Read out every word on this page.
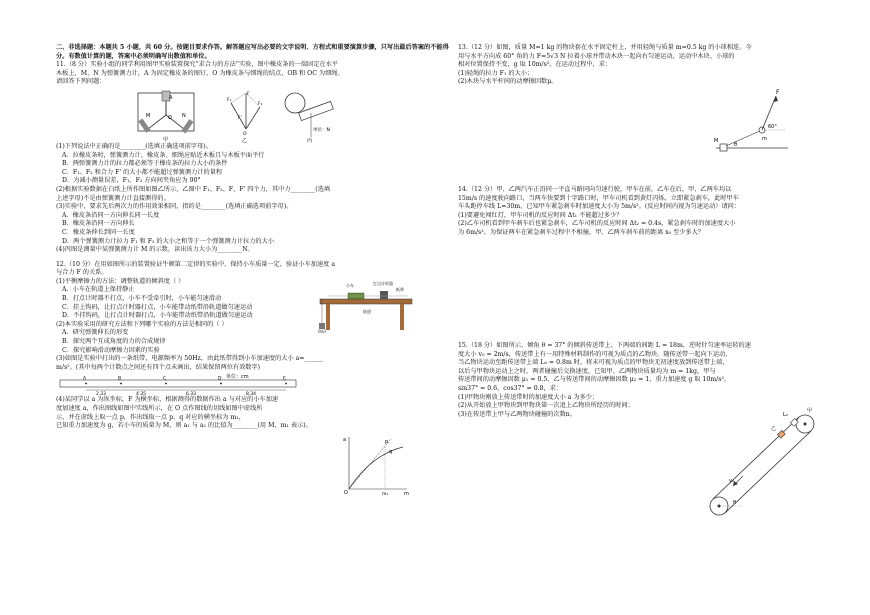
二、非选择题：本题共 5 小题，共 60 分。按题目要求作答。解答题应写出必要的文字说明、方程式和重要演算步骤，只写出最后答案的不能得分。有数值计算的题，答案中必须明确写出数值和单位。

11.（8 分）实验小组的同学利用图甲实验装置探究“求合力的方法”实验，图中橡皮条的一端固定在水平

木板上，M、N 为弹簧测力计，A 为固定橡皮条的图钉，O 为橡皮条与细绳的结点，OB 和 OC 为细绳。

请回答下列问题：

A
O
M	N
甲
F₁
F₂
F
F'
O
乙
单位：N
丙

(1)下列说法中正确的是________(选填正确选项前字母)。

A．拉橡皮条时，弹簧测力计、橡皮条、细绳应贴近木板且与木板平面平行

B．两弹簧测力计的拉力都必须等于橡皮条的拉力大小的条件

C．F₁、F₂ 和合力 F' 的大小都不能超过弹簧测力计的量程

D．为减小测量误差，F₁、F₂ 方向间夹角应为 90°

(2)根据实验数据在白纸上所作图如图乙所示，乙图中 F₁、F₂、F、F' 四个力，其中力________(选填

上述字母)不是由弹簧测力计直接测得的。

(3)实验中，要求先后两次力的作用效果相同，指的是________(选填正确选项前字母)。

A．橡皮条沿同一方向伸长同一长度

B．橡皮条沿同一方向伸长

C．橡皮条伸长到同一长度

D．两个弹簧测力计拉力 F₁ 和 F₂ 的大小之和等于一个弹簧测力计拉力的大小

(4)丙图是测量中某弹簧测力计 M 的示数，读出该力大小为________N。

12.（10 分）在用如图所示的装置验证牛顿第二定律的实验中，保持小车质量一定，验证小车加速度 a

与合力 F 的关系。

(1)平衡摩擦力的方法：调整轨道的倾斜度（ ）

A．小车在轨道上保持静止

B．打点计时器不打点，小车不受牵引时，小车能匀速滑动

C．挂上钩码，让打点计时器打点，小车能带动纸带沿轨道做匀速运动

D．不挂钩码，让打点计时器打点，小车能带动纸带沿轨道做匀速运动

(2)本实验采用的研究方法和下列哪个实验的方法是相同的（ ）

A．研究弹簧伸长的形变

B．探究两个互成角度的力的合成规律

C．探究影响滑动摩擦力因素的实验

(3)如图是实验中打出的一条纸带，电源频率为 50Hz，由此纸带得到小车加速度的大小 a=______

m/s²。(其中每两个计数点之间还有四个点未画出，结果保留两位有效数字)

小车	打点计时器
纸带
轨道
钩码
单位：cm
A	B	C	D	E
2.33	4.35	6.33	8.34

(4)某同学以 a 为纵坐标，F 为横坐标，根据测得的数据作出 a 与对应的小车加速

度加速度 a，作出图线如图中实线所示，在 O 点作图线的切线如图中虚线所

示，并在虚线上取一点 p，作出线取一点 p、q 对应的横坐标为 m₁，

已知重力加速度为 g，若小车的质量为 M，则 a₁ 与 a₂ 的比值为________(用 M、m₁ 表示)。

a
O
p
q
m₁	m

13.（12 分）如图，质量 M=1 kg 的物块套在水平固定杆上，并用轻绳与质量 m=0.5 kg 的小球相连。今

用与水平方向成 60° 角的力 F=5√3 N 拉着小球并带动木块一起向右匀速运动，运动中木块、小球的

相对位置保持不变，g 取 10m/s²。在运动过程中，求：

(1)轻绳的拉力 F₁ 的大小；

(2)木块与水平杆间的动摩擦因数μ。

F
60°
M
θ
m

14.（12 分）甲、乙两汽车正沿同一平直马路同向匀速行驶，甲车在前，乙车在后，甲、乙两车均以

15m/s 的速度驶向路口，当两车快要到十字路口时，甲车司机看到黄灯闪烁，立即紧急刹车，此时甲车

车头距停车线 L=30m，已知甲车紧急刹车时加速度大小为 5m/s²。(反应时间内视为匀速运动）请问：

(1)要避免闯红灯，甲车司机的反应时间 Δt₁ 不能超过多少？

(2)乙车司机看到甲车刹车后也紧急刹车，乙车司机的反应时间 Δt₂ = 0.4s，紧急刹车时的加速度大小

为 6m/s²。为保证两车在紧急刹车过程中不相撞，甲、乙两车刹车前的距离 x₀ 至少多大？

15.（18 分）如图所示，倾角 θ = 37° 的倾斜传送带上、下两端的间距 L = 18m，逆时针匀速率运转的速

度大小 v₀ = 2m/s，传送带上有一用特殊材料制作的可视为质点的乙物块。随传送带一起向下运动，

当乙物块运动至距传送带上端 L₀ = 0.8m 时，将未可视为质点的甲物块无初速度放到传送带上端，

以后与甲物块运动上之时，两者碰撞后交换速度，已知甲、乙两物块质量均为 m = 1kg，甲与

传送带间的动摩擦因数 μ₁ = 0.5，乙与传送带间的动摩擦因数 μ₂ = 1，重力加速度 g 取 10m/s²，

sin37° = 0.6，cos37° = 0.8，求：

(1)甲物块刚放上传送带时的加速度大小 a 为多少；

(2)从开始放上甲物块到甲物块第一次追上乙物块所经历的时间；

(3)在传送带上甲与乙两物块碰撞的次数n。	L₀
甲
乙
v₀
θ
